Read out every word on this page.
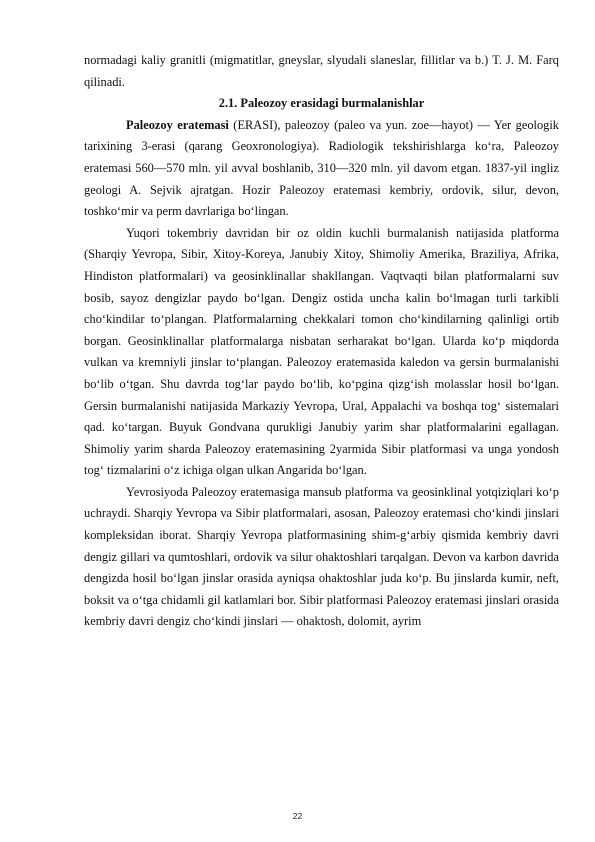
normadagi kaliy granitli (migmatitlar, gneyslar, slyudali slaneslar, fillitlar va b.) T. J. M. Farq qilinadi.

2.1. Paleozoy erasidagi burmalanishlar

Paleozoy eratemasi (ERASI), paleozoy (paleo va yun. zoe—hayot) — Yer geologik tarixining 3-erasi (qarang Geoxronologiya). Radiologik tekshirishlarga ko‘ra, Paleozoy eratemasi 560—570 mln. yil avval boshlanib, 310—320 mln. yil davom etgan. 1837-yil ingliz geologi A. Sejvik ajratgan. Hozir Paleozoy eratemasi kembriy, ordovik, silur, devon, toshko‘mir va perm davrlariga bo‘lingan.

Yuqori tokembriy davridan bir oz oldin kuchli burmalanish natijasida platforma (Sharqiy Yevropa, Sibir, Xitoy-Koreya, Janubiy Xitoy, Shimoliy Amerika, Braziliya, Afrika, Hindiston platformalari) va geosinklinallar shakllangan. Vaqtvaqti bilan platformalarni suv bosib, sayoz dengizlar paydo bo‘lgan. Dengiz ostida uncha kalin bo‘lmagan turli tarkibli cho‘kindilar to‘plangan. Platformalarning chekkalari tomon cho‘kindilarning qalinligi ortib borgan. Geosinklinallar platformalarga nisbatan serharakat bo‘lgan. Ularda ko‘p miqdorda vulkan va kremniyli jinslar to‘plangan. Paleozoy eratemasida kaledon va gersin burmalanishi bo‘lib o‘tgan. Shu davrda tog‘lar paydo bo‘lib, ko‘pgina qizg‘ish molasslar hosil bo‘lgan. Gersin burmalanishi natijasida Markaziy Yevropa, Ural, Appalachi va boshqa tog‘ sistemalari qad. ko‘targan. Buyuk Gondvana qurukligi Janubiy yarim shar platformalarini egallagan. Shimoliy yarim sharda Paleozoy eratemasining 2yarmida Sibir platformasi va unga yondosh tog‘ tizmalarini o‘z ichiga olgan ulkan Angarida bo‘lgan.

Yevrosiyoda Paleozoy eratemasiga mansub platforma va geosinklinal yotqiziqlari ko‘p uchraydi. Sharqiy Yevropa va Sibir platformalari, asosan, Paleozoy eratemasi cho‘kindi jinslari kompleksidan iborat. Sharqiy Yevropa platformasining shim-g‘arbiy qismida kembriy davri dengiz gillari va qumtoshlari, ordovik va silur ohaktoshlari tarqalgan. Devon va karbon davrida dengizda hosil bo‘lgan jinslar orasida ayniqsa ohaktoshlar juda ko‘p. Bu jinslarda kumir, neft, boksit va o‘tga chidamli gil katlamlari bor. Sibir platformasi Paleozoy eratemasi jinslari orasida kembriy davri dengiz cho‘kindi jinslari — ohaktosh, dolomit, ayrim

22
